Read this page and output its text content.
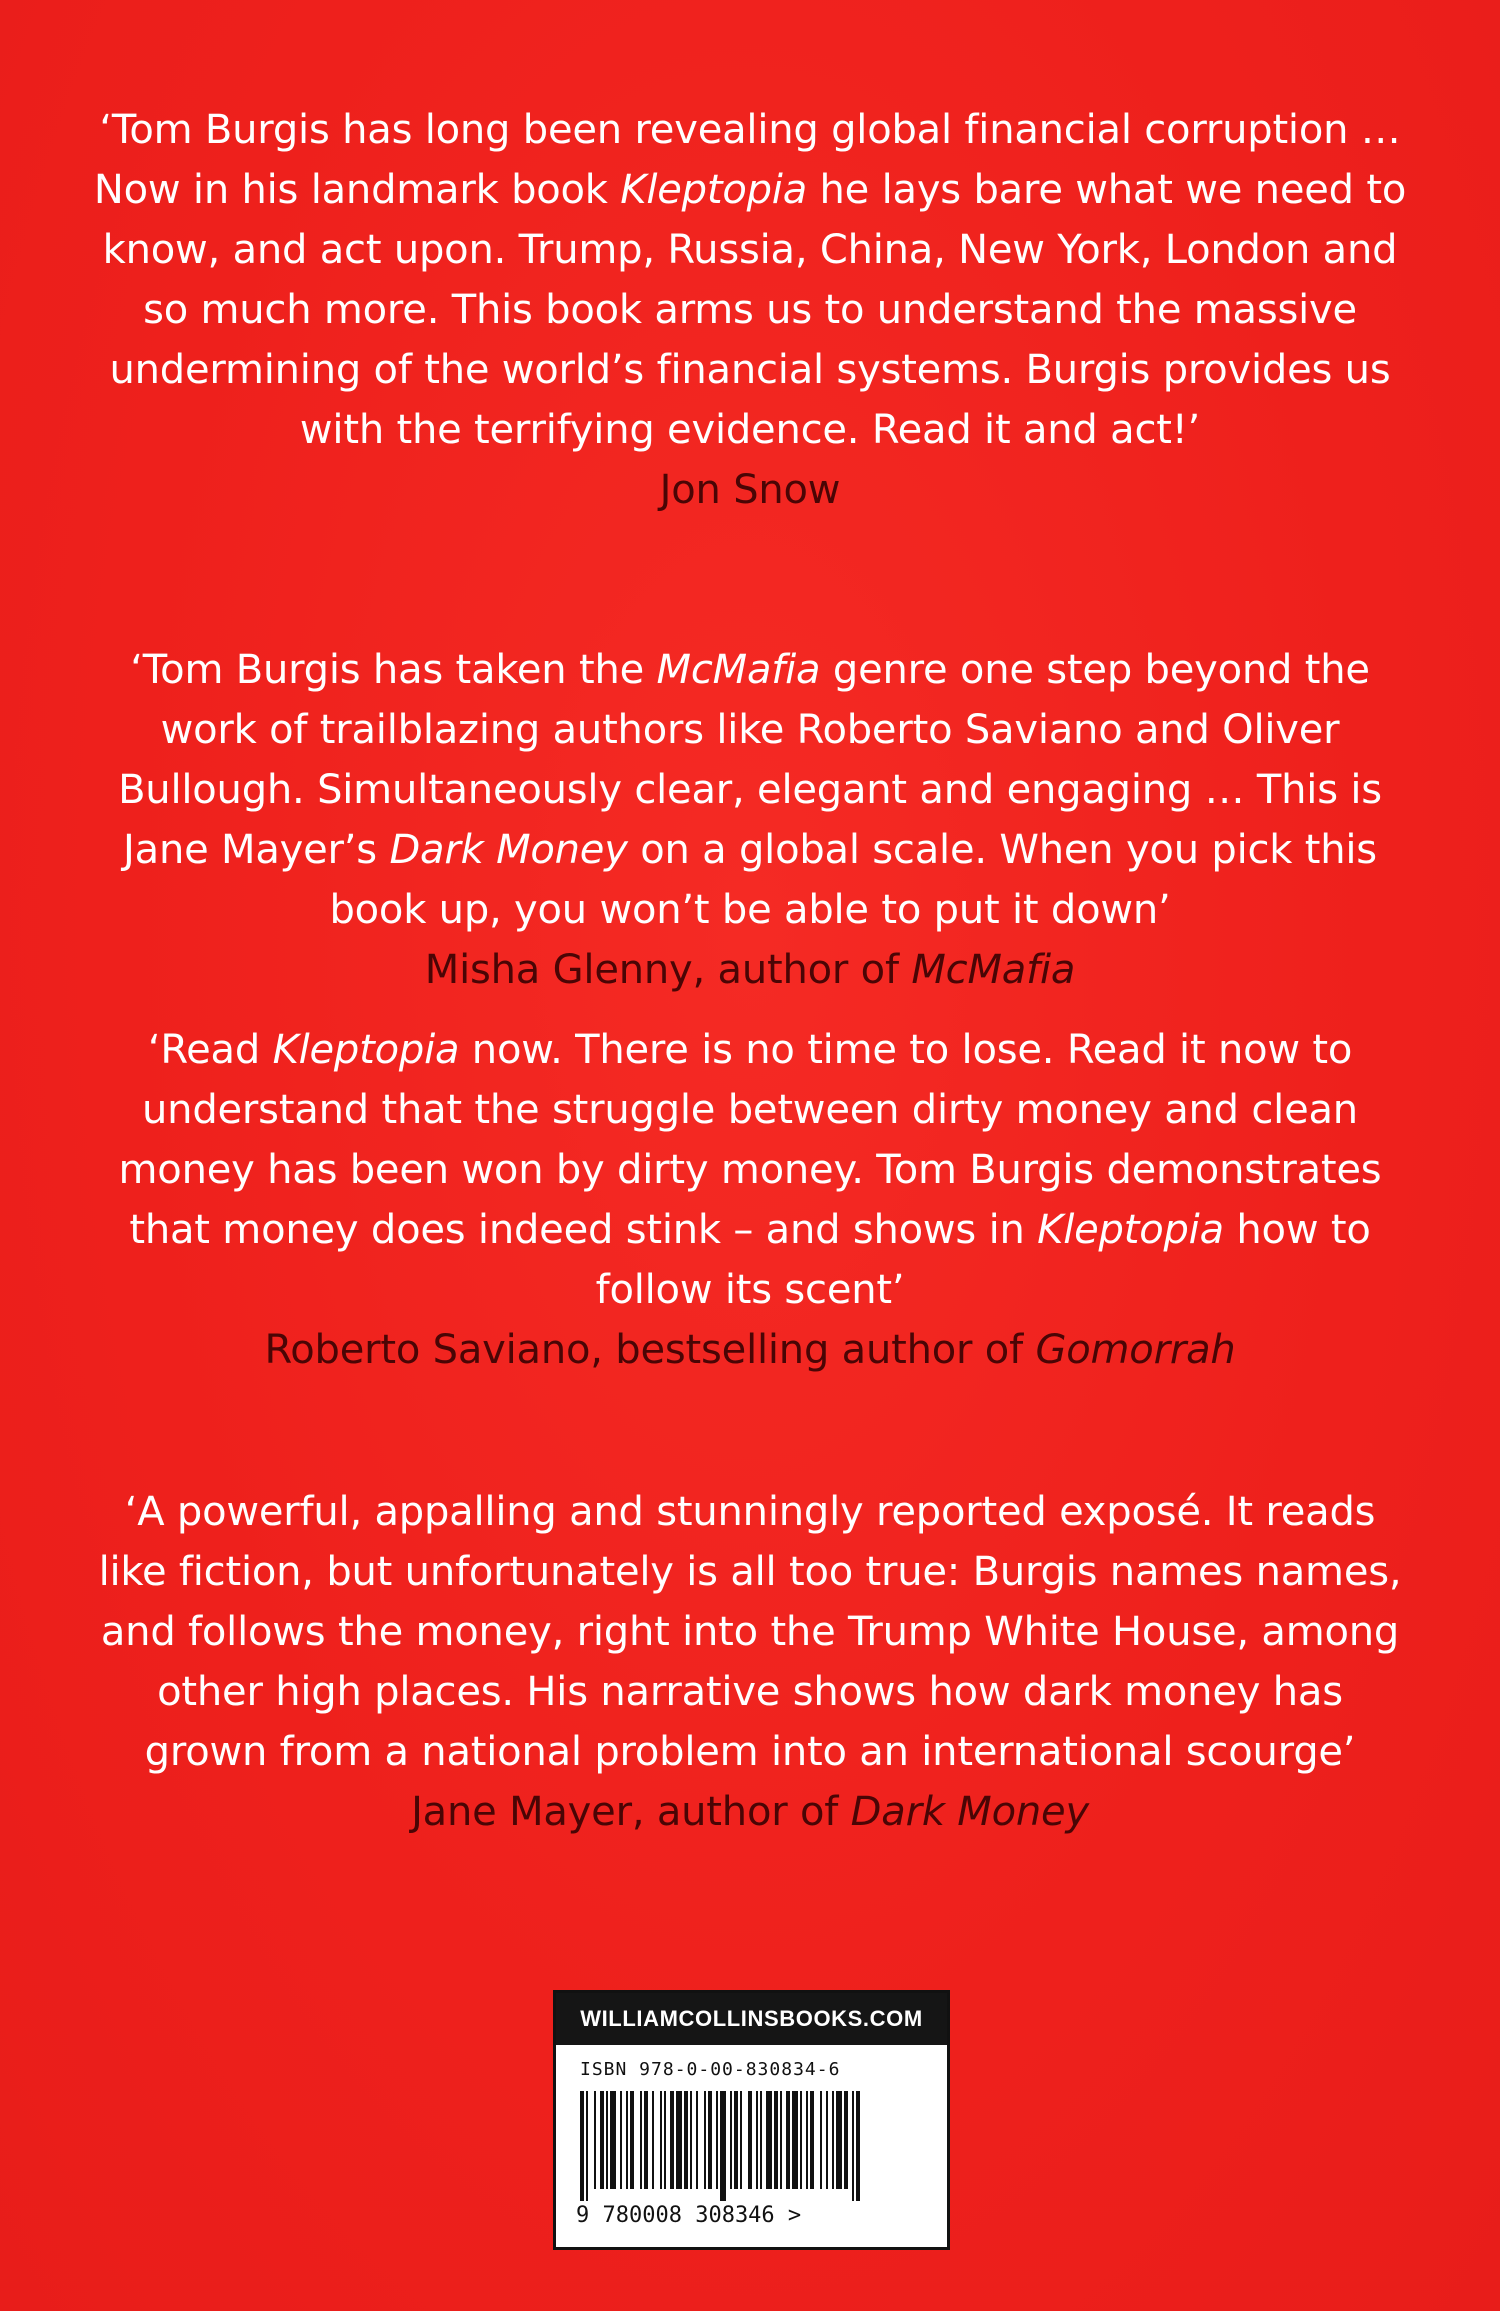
‘Tom Burgis has long been revealing global financial corruption … Now in his landmark book Kleptopia he lays bare what we need to know, and act upon. Trump, Russia, China, New York, London and so much more. This book arms us to understand the massive undermining of the world’s financial systems. Burgis provides us with the terrifying evidence. Read it and act!’

Jon Snow

‘Tom Burgis has taken the McMafia genre one step beyond the work of trailblazing authors like Roberto Saviano and Oliver Bullough. Simultaneously clear, elegant and engaging … This is Jane Mayer’s Dark Money on a global scale. When you pick this book up, you won’t be able to put it down’

Misha Glenny, author of McMafia

‘Read Kleptopia now. There is no time to lose. Read it now to understand that the struggle between dirty money and clean money has been won by dirty money. Tom Burgis demonstrates that money does indeed stink – and shows in Kleptopia how to follow its scent’

Roberto Saviano, bestselling author of Gomorrah

‘A powerful, appalling and stunningly reported exposé. It reads like fiction, but unfortunately is all too true: Burgis names names, and follows the money, right into the Trump White House, among other high places. His narrative shows how dark money has grown from a national problem into an international scourge’

Jane Mayer, author of Dark Money

WILLIAMCOLLINSBOOKS.COM
ISBN 978-0-00-830834-6
9 780008 308346 >
